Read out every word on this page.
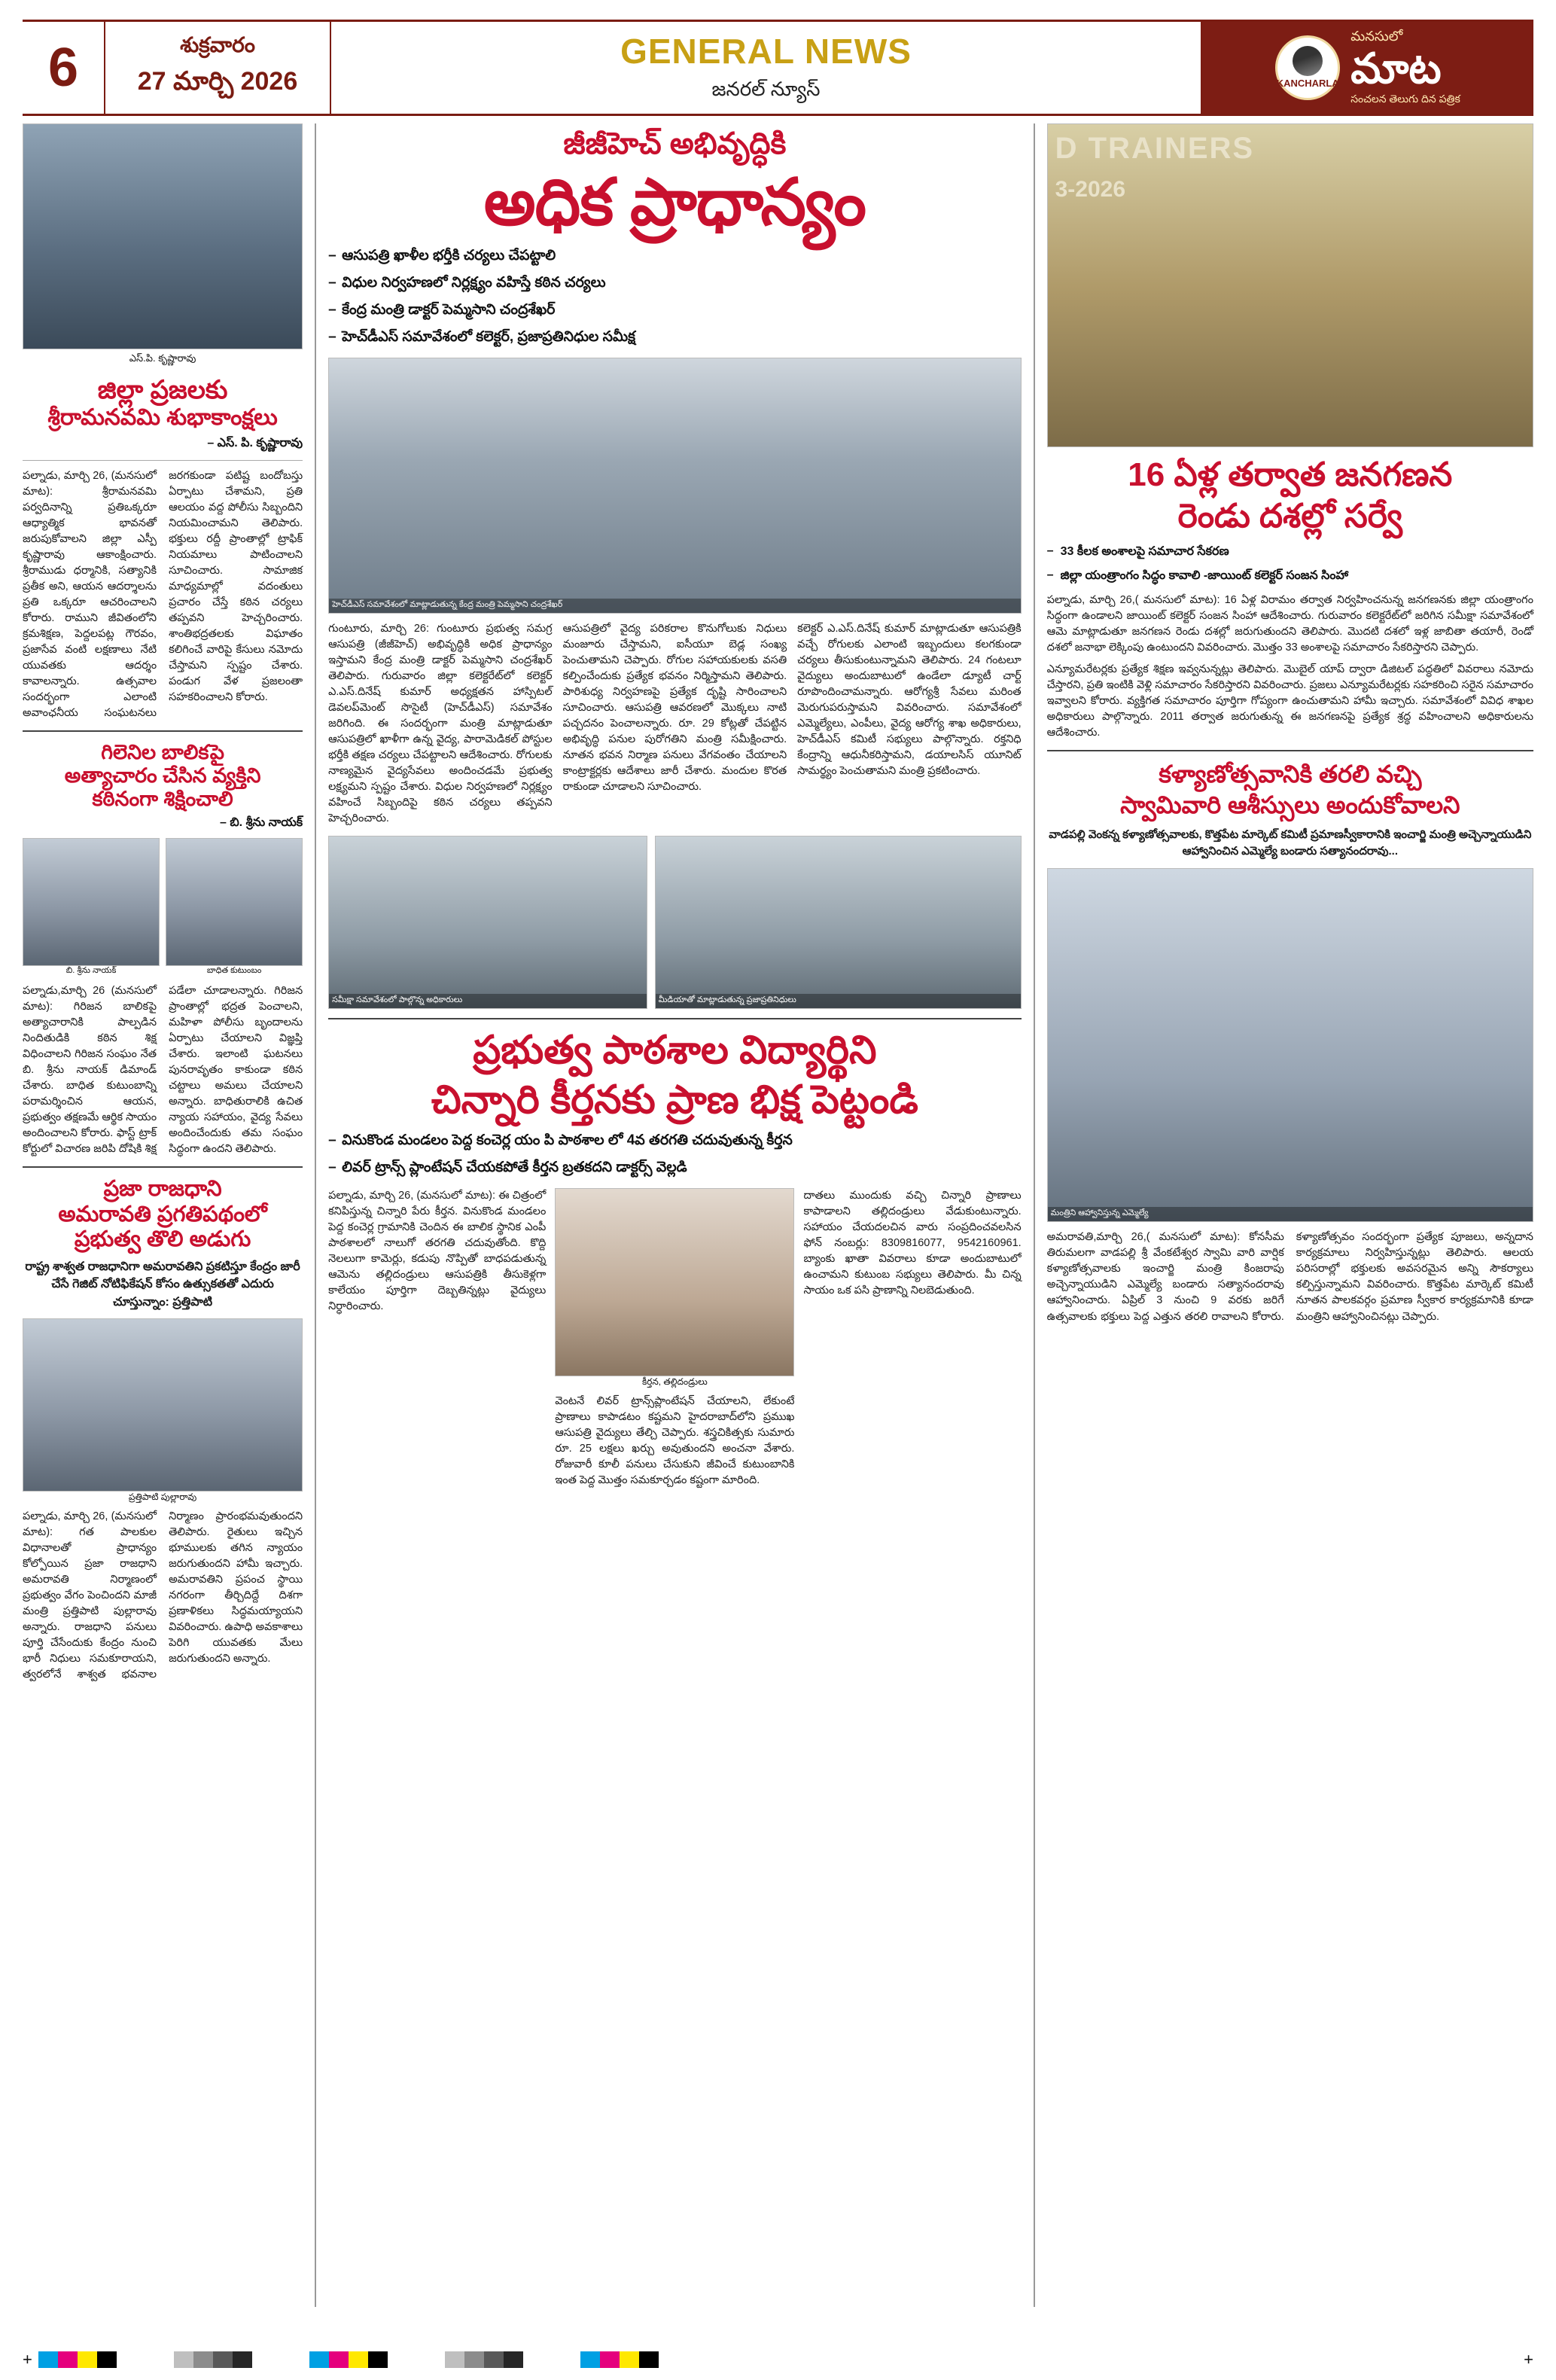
6	శుక్రవారం
27 మార్చి 2026
GENERAL NEWS
జనరల్ న్యూస్	KANCHARLA
మనసులో
మాట
సంచలన తెలుగు దిన పత్రిక
ఎస్.పి. కృష్ణారావు
జిల్లా ప్రజలకు
శ్రీరామనవమి శుభాకాంక్షలు
– ఎస్. పి. కృష్ణారావు
పల్నాడు, మార్చి 26, (మనసులో మాట): శ్రీరామనవమి పర్వదినాన్ని ప్రతిఒక్కరూ ఆధ్యాత్మిక భావనతో జరుపుకోవాలని జిల్లా ఎస్పీ కృష్ణారావు ఆకాంక్షించారు. శ్రీరాముడు ధర్మానికి, సత్యానికి ప్రతీక అని, ఆయన ఆదర్శాలను ప్రతి ఒక్కరూ ఆచరించాలని కోరారు. రాముని జీవితంలోని క్రమశిక్షణ, పెద్దలపట్ల గౌరవం, ప్రజాసేవ వంటి లక్షణాలు నేటి యువతకు ఆదర్శం కావాలన్నారు. ఉత్సవాల సందర్భంగా ఎలాంటి అవాంఛనీయ సంఘటనలు జరగకుండా పటిష్ట బందోబస్తు ఏర్పాటు చేశామని, ప్రతి ఆలయం వద్ద పోలీసు సిబ్బందిని నియమించామని తెలిపారు. భక్తులు రద్దీ ప్రాంతాల్లో ట్రాఫిక్ నియమాలు పాటించాలని సూచించారు. సామాజిక మాధ్యమాల్లో వదంతులు ప్రచారం చేస్తే కఠిన చర్యలు తప్పవని హెచ్చరించారు. శాంతిభద్రతలకు విఘాతం కలిగించే వారిపై కేసులు నమోదు చేస్తామని స్పష్టం చేశారు. పండుగ వేళ ప్రజలంతా సహకరించాలని కోరారు.
గిలెనిల బాలికపై
అత్యాచారం చేసిన వ్యక్తిని
కఠినంగా శిక్షించాలి
– బి. శ్రీను నాయక్
బి. శ్రీను నాయక్	బాధిత కుటుంబం
పల్నాడు,మార్చి 26 (మనసులో మాట): గిరిజన బాలికపై అత్యాచారానికి పాల్పడిన నిందితుడికి కఠిన శిక్ష విధించాలని గిరిజన సంఘం నేత బి. శ్రీను నాయక్ డిమాండ్ చేశారు. బాధిత కుటుంబాన్ని పరామర్శించిన ఆయన, ప్రభుత్వం తక్షణమే ఆర్థిక సాయం అందించాలని కోరారు. ఫాస్ట్ ట్రాక్ కోర్టులో విచారణ జరిపి దోషికి శిక్ష పడేలా చూడాలన్నారు. గిరిజన ప్రాంతాల్లో భద్రత పెంచాలని, మహిళా పోలీసు బృందాలను ఏర్పాటు చేయాలని విజ్ఞప్తి చేశారు. ఇలాంటి ఘటనలు పునరావృతం కాకుండా కఠిన చట్టాలు అమలు చేయాలని అన్నారు. బాధితురాలికి ఉచిత న్యాయ సహాయం, వైద్య సేవలు అందించేందుకు తమ సంఘం సిద్ధంగా ఉందని తెలిపారు.
ప్రజా రాజధాని
అమరావతి ప్రగతిపథంలో
ప్రభుత్వ తొలి అడుగు
రాష్ట్ర శాశ్వత రాజధానిగా అమరావతిని ప్రకటిస్తూ కేంద్రం జారీ చేసే గెజిట్ నోటిఫికేషన్ కోసం ఉత్సుకతతో ఎదురు చూస్తున్నాం: ప్రత్తిపాటి
ప్రత్తిపాటి పుల్లారావు
పల్నాడు, మార్చి 26, (మనసులో మాట): గత పాలకుల విధానాలతో ప్రాధాన్యం కోల్పోయిన ప్రజా రాజధాని అమరావతి నిర్మాణంలో ప్రభుత్వం వేగం పెంచిందని మాజీ మంత్రి ప్రత్తిపాటి పుల్లారావు అన్నారు. రాజధాని పనులు పూర్తి చేసేందుకు కేంద్రం నుంచి భారీ నిధులు సమకూరాయని, త్వరలోనే శాశ్వత భవనాల నిర్మాణం ప్రారంభమవుతుందని తెలిపారు. రైతులు ఇచ్చిన భూములకు తగిన న్యాయం జరుగుతుందని హామీ ఇచ్చారు. అమరావతిని ప్రపంచ స్థాయి నగరంగా తీర్చిదిద్దే దిశగా ప్రణాళికలు సిద్ధమయ్యాయని వివరించారు. ఉపాధి అవకాశాలు పెరిగి యువతకు మేలు జరుగుతుందని అన్నారు.
జీజీహెచ్ అభివృద్ధికి
అధిక ప్రాధాన్యం
– ఆసుపత్రి ఖాళీల భర్తీకి చర్యలు చేపట్టాలి
– విధుల నిర్వహణలో నిర్లక్ష్యం వహిస్తే కఠిన చర్యలు
– కేంద్ర మంత్రి డాక్టర్ పెమ్మసాని చంద్రశేఖర్
– హెచ్‌డీఎస్ సమావేశంలో కలెక్టర్, ప్రజాప్రతినిధుల సమీక్ష
హెచ్‌డీఎస్ సమావేశంలో మాట్లాడుతున్న కేంద్ర మంత్రి పెమ్మసాని చంద్రశేఖర్
గుంటూరు, మార్చి 26: గుంటూరు ప్రభుత్వ సమగ్ర ఆసుపత్రి (జీజీహెచ్) అభివృద్ధికి అధిక ప్రాధాన్యం ఇస్తామని కేంద్ర మంత్రి డాక్టర్ పెమ్మసాని చంద్రశేఖర్ తెలిపారు. గురువారం జిల్లా కలెక్టరేట్‌లో కలెక్టర్ ఎ.ఎస్.దినేష్ కుమార్ అధ్యక్షతన హాస్పిటల్ డెవలప్‌మెంట్ సొసైటీ (హెచ్‌డీఎస్) సమావేశం జరిగింది. ఈ సందర్భంగా మంత్రి మాట్లాడుతూ ఆసుపత్రిలో ఖాళీగా ఉన్న వైద్య, పారామెడికల్ పోస్టుల భర్తీకి తక్షణ చర్యలు చేపట్టాలని ఆదేశించారు. రోగులకు నాణ్యమైన వైద్యసేవలు అందించడమే ప్రభుత్వ లక్ష్యమని స్పష్టం చేశారు. విధుల నిర్వహణలో నిర్లక్ష్యం వహించే సిబ్బందిపై కఠిన చర్యలు తప్పవని హెచ్చరించారు.
ఆసుపత్రిలో వైద్య పరికరాల కొనుగోలుకు నిధులు మంజూరు చేస్తామని, ఐసీయూ బెడ్ల సంఖ్య పెంచుతామని చెప్పారు. రోగుల సహాయకులకు వసతి కల్పించేందుకు ప్రత్యేక భవనం నిర్మిస్తామని తెలిపారు. పారిశుధ్య నిర్వహణపై ప్రత్యేక దృష్టి సారించాలని సూచించారు. ఆసుపత్రి ఆవరణలో మొక్కలు నాటి పచ్చదనం పెంచాలన్నారు. రూ. 29 కోట్లతో చేపట్టిన అభివృద్ధి పనుల పురోగతిని మంత్రి సమీక్షించారు. నూతన భవన నిర్మాణ పనులు వేగవంతం చేయాలని కాంట్రాక్టర్లకు ఆదేశాలు జారీ చేశారు. మందుల కొరత రాకుండా చూడాలని సూచించారు.
కలెక్టర్ ఎ.ఎస్.దినేష్ కుమార్ మాట్లాడుతూ ఆసుపత్రికి వచ్చే రోగులకు ఎలాంటి ఇబ్బందులు కలగకుండా చర్యలు తీసుకుంటున్నామని తెలిపారు. 24 గంటలూ వైద్యులు అందుబాటులో ఉండేలా డ్యూటీ చార్ట్ రూపొందించామన్నారు. ఆరోగ్యశ్రీ సేవలు మరింత మెరుగుపరుస్తామని వివరించారు. సమావేశంలో ఎమ్మెల్యేలు, ఎంపీలు, వైద్య ఆరోగ్య శాఖ అధికారులు, హెచ్‌డీఎస్ కమిటీ సభ్యులు పాల్గొన్నారు. రక్తనిధి కేంద్రాన్ని ఆధునీకరిస్తామని, డయాలసిస్ యూనిట్ సామర్థ్యం పెంచుతామని మంత్రి ప్రకటించారు.
సమీక్షా సమావేశంలో పాల్గొన్న అధికారులు	మీడియాతో మాట్లాడుతున్న ప్రజాప్రతినిధులు
ప్రభుత్వ పాఠశాల విద్యార్థిని
చిన్నారి కీర్తనకు ప్రాణ భిక్ష పెట్టండి
– వినుకొండ మండలం పెద్ద కంచెర్ల యం పి పాఠశాల లో 4వ తరగతి చదువుతున్న కీర్తన
– లివర్ ట్రాన్స్ ప్లాంటేషన్ చేయకపోతే కీర్తన బ్రతకదని డాక్టర్స్ వెల్లడి
పల్నాడు, మార్చి 26, (మనసులో మాట): ఈ చిత్రంలో కనిపిస్తున్న చిన్నారి పేరు కీర్తన. వినుకొండ మండలం పెద్ద కంచెర్ల గ్రామానికి చెందిన ఈ బాలిక స్థానిక ఎంపీ పాఠశాలలో నాలుగో తరగతి చదువుతోంది. కొద్ది నెలలుగా కామెర్లు, కడుపు నొప్పితో బాధపడుతున్న ఆమెను తల్లిదండ్రులు ఆసుపత్రికి తీసుకెళ్లగా కాలేయం పూర్తిగా దెబ్బతిన్నట్లు వైద్యులు నిర్ధారించారు.
కీర్తన, తల్లిదండ్రులు
వెంటనే లివర్ ట్రాన్స్‌ప్లాంటేషన్ చేయాలని, లేకుంటే ప్రాణాలు కాపాడటం కష్టమని హైదరాబాద్‌లోని ప్రముఖ ఆసుపత్రి వైద్యులు తేల్చి చెప్పారు. శస్త్రచికిత్సకు సుమారు రూ. 25 లక్షలు ఖర్చు అవుతుందని అంచనా వేశారు. రోజువారీ కూలీ పనులు చేసుకుని జీవించే కుటుంబానికి ఇంత పెద్ద మొత్తం సమకూర్చడం కష్టంగా మారింది.
దాతలు ముందుకు వచ్చి చిన్నారి ప్రాణాలు కాపాడాలని తల్లిదండ్రులు వేడుకుంటున్నారు. సహాయం చేయదలచిన వారు సంప్రదించవలసిన ఫోన్ నంబర్లు: 8309816077, 9542160961. బ్యాంకు ఖాతా వివరాలు కూడా అందుబాటులో ఉంచామని కుటుంబ సభ్యులు తెలిపారు. మీ చిన్న సాయం ఒక పసి ప్రాణాన్ని నిలబెడుతుంది.
D TRAINERS
3-2026
16 ఏళ్ల తర్వాత జనగణన
రెండు దశల్లో సర్వే
– 33 కీలక అంశాలపై సమాచార సేకరణ
– జిల్లా యంత్రాంగం సిద్ధం కావాలి -జాయింట్ కలెక్టర్ సంజన సింహా
పల్నాడు, మార్చి 26,( మనసులో మాట): 16 ఏళ్ల విరామం తర్వాత నిర్వహించనున్న జనగణనకు జిల్లా యంత్రాంగం సిద్ధంగా ఉండాలని జాయింట్ కలెక్టర్ సంజన సింహా ఆదేశించారు. గురువారం కలెక్టరేట్‌లో జరిగిన సమీక్షా సమావేశంలో ఆమె మాట్లాడుతూ జనగణన రెండు దశల్లో జరుగుతుందని తెలిపారు. మొదటి దశలో ఇళ్ల జాబితా తయారీ, రెండో దశలో జనాభా లెక్కింపు ఉంటుందని వివరించారు. మొత్తం 33 అంశాలపై సమాచారం సేకరిస్తారని చెప్పారు.
ఎన్యూమరేటర్లకు ప్రత్యేక శిక్షణ ఇవ్వనున్నట్లు తెలిపారు. మొబైల్ యాప్ ద్వారా డిజిటల్ పద్ధతిలో వివరాలు నమోదు చేస్తారని, ప్రతి ఇంటికి వెళ్లి సమాచారం సేకరిస్తారని వివరించారు. ప్రజలు ఎన్యూమరేటర్లకు సహకరించి సరైన సమాచారం ఇవ్వాలని కోరారు. వ్యక్తిగత సమాచారం పూర్తిగా గోప్యంగా ఉంచుతామని హామీ ఇచ్చారు. సమావేశంలో వివిధ శాఖల అధికారులు పాల్గొన్నారు. 2011 తర్వాత జరుగుతున్న ఈ జనగణనపై ప్రత్యేక శ్రద్ధ వహించాలని అధికారులను ఆదేశించారు.
కళ్యాణోత్సవానికి తరలి వచ్చి
స్వామివారి ఆశీస్సులు అందుకోవాలని
వాడపల్లి వెంకన్న కళ్యాణోత్సవాలకు, కొత్తపేట మార్కెట్ కమిటీ ప్రమాణస్వీకారానికి ఇంచార్జి మంత్రి అచ్చెన్నాయుడిని ఆహ్వానించిన ఎమ్మెల్యే బండారు సత్యానందరావు...
మంత్రిని ఆహ్వానిస్తున్న ఎమ్మెల్యే
అమరావతి,మార్చి 26,( మనసులో మాట): కోనసీమ తిరుమలగా వాడపల్లి శ్రీ వేంకటేశ్వర స్వామి వారి వార్షిక కళ్యాణోత్సవాలకు ఇంచార్జి మంత్రి కింజరాపు అచ్చెన్నాయుడిని ఎమ్మెల్యే బండారు సత్యానందరావు ఆహ్వానించారు. ఏప్రిల్ 3 నుంచి 9 వరకు జరిగే ఉత్సవాలకు భక్తులు పెద్ద ఎత్తున తరలి రావాలని కోరారు. కళ్యాణోత్సవం సందర్భంగా ప్రత్యేక పూజలు, అన్నదాన కార్యక్రమాలు నిర్వహిస్తున్నట్లు తెలిపారు. ఆలయ పరిసరాల్లో భక్తులకు అవసరమైన అన్ని సౌకర్యాలు కల్పిస్తున్నామని వివరించారు. కొత్తపేట మార్కెట్ కమిటీ నూతన పాలకవర్గం ప్రమాణ స్వీకార కార్యక్రమానికి కూడా మంత్రిని ఆహ్వానించినట్లు చెప్పారు.
+	+
